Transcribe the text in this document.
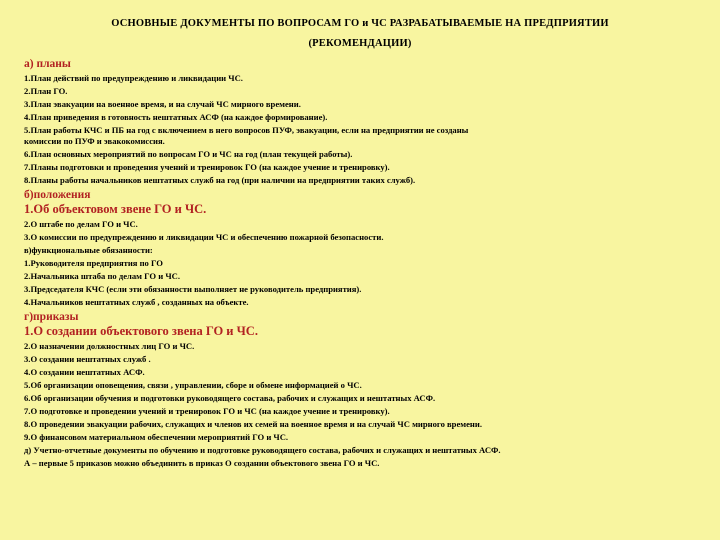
ОСНОВНЫЕ ДОКУМЕНТЫ ПО ВОПРОСАМ ГО и ЧС РАЗРАБАТЫВАЕМЫЕ НА ПРЕДПРИЯТИИ
(РЕКОМЕНДАЦИИ)
а) планы
1.План действий по предупреждению и ликвидации ЧС.
2.План ГО.
3.План эвакуации на военное время, и на случай ЧС мирного времени.
4.План приведения в готовность нештатных АСФ (на каждое формирование).
5.План работы КЧС и ПБ на год с включением в него вопросов ПУФ, эвакуации, если на предприятии не созданы
комиссии по ПУФ и эвакокомиссия.
6.План основных мероприятий по вопросам ГО и ЧС на год (план текущей работы).
7.Планы подготовки и проведения учений и тренировок ГО (на каждое учение и тренировку).
8.Планы работы начальников нештатных служб на год (при наличии на предприятии таких служб).
б)положения
1.Об объектовом звене ГО и ЧС.
2.О штабе по делам ГО и ЧС.
3.О комиссии по предупреждению и ликвидации ЧС и обеспечению пожарной безопасности.
в)функциональные обязанности:
1.Руководителя предприятия по ГО
2.Начальника штаба по делам ГО и ЧС.
3.Председателя КЧС (если эти обязанности выполняет не руководитель предприятия).
4.Начальников нештатных служб , созданных на объекте.
г)приказы
1.О создании объектового звена ГО и ЧС.
2.О назначении должностных лиц ГО и ЧС.
3.О создании нештатных служб .
4.О создании нештатных АСФ.
5.Об организации оповещения, связи , управлении, сборе и обмене информацией о ЧС.
6.Об организации обучения и подготовки руководящего состава, рабочих и служащих и нештатных АСФ.
7.О подготовке и проведении учений и тренировок ГО и ЧС (на каждое учение и тренировку).
8.О проведении эвакуации рабочих, служащих и членов их семей на военное время и на случай ЧС мирного времени.
9.О финансовом материальном обеспечении мероприятий ГО и ЧС.
д) Учетно-отчетные документы по обучению и подготовке руководящего состава, рабочих и служащих и нештатных АСФ.
А – первые 5 приказов можно объединить в приказ О создании объектового звена ГО и ЧС.
